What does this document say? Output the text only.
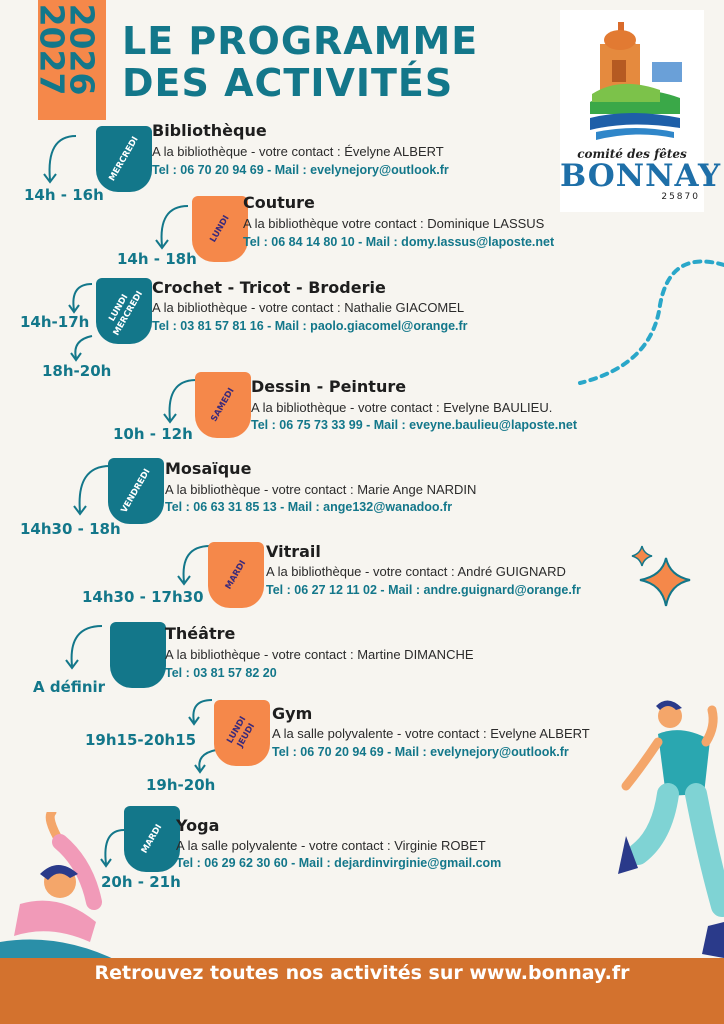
2026
2027 LE PROGRAMME
DES ACTIVITÉS
comité des fêtes
BONNAY
25870
MERCREDI
Bibliothèque
A la bibliothèque - votre contact : Évelyne ALBERT
Tel : 06 70 20 94 69 - Mail : evelynejory@outlook.fr
14h - 16h
LUNDI
Couture
A la bibliothèque votre contact : Dominique LASSUS
Tel : 06 84 14 80 10 - Mail : domy.lassus@laposte.net
14h - 18h
LUNDI MERCREDI
Crochet - Tricot - Broderie
A la bibliothèque - votre contact : Nathalie GIACOMEL
Tel : 03 81 57 81 16 - Mail : paolo.giacomel@orange.fr
14h-17h
18h-20h
SAMEDI Dessin - Peinture
A la bibliothèque - votre contact : Evelyne BAULIEU.
Tel : 06 75 73 33 99 - Mail : eveyne.baulieu@laposte.net
10h - 12h
VENDREDI Mosaïque
A la bibliothèque - votre contact : Marie Ange NARDIN
Tel : 06 63 31 85 13 - Mail : ange132@wanadoo.fr
14h30 - 18h
MARDI
Vitrail
A la bibliothèque - votre contact : André GUIGNARD
Tel : 06 27 12 11 02 - Mail : andre.guignard@orange.fr
14h30 - 17h30
Théâtre
A la bibliothèque - votre contact : Martine DIMANCHE
Tel : 03 81 57 82 20
A définir
LUNDI JEUDI
Gym
A la salle polyvalente - votre contact : Evelyne ALBERT
Tel : 06 70 20 94 69 - Mail : evelynejory@outlook.fr
19h15-20h15
19h-20h
MARDI Yoga
A la salle polyvalente - votre contact : Virginie ROBET
Tel : 06 29 62 30 60 - Mail : dejardinvirginie@gmail.com
20h - 21h
Retrouvez toutes nos activités sur www.bonnay.fr
